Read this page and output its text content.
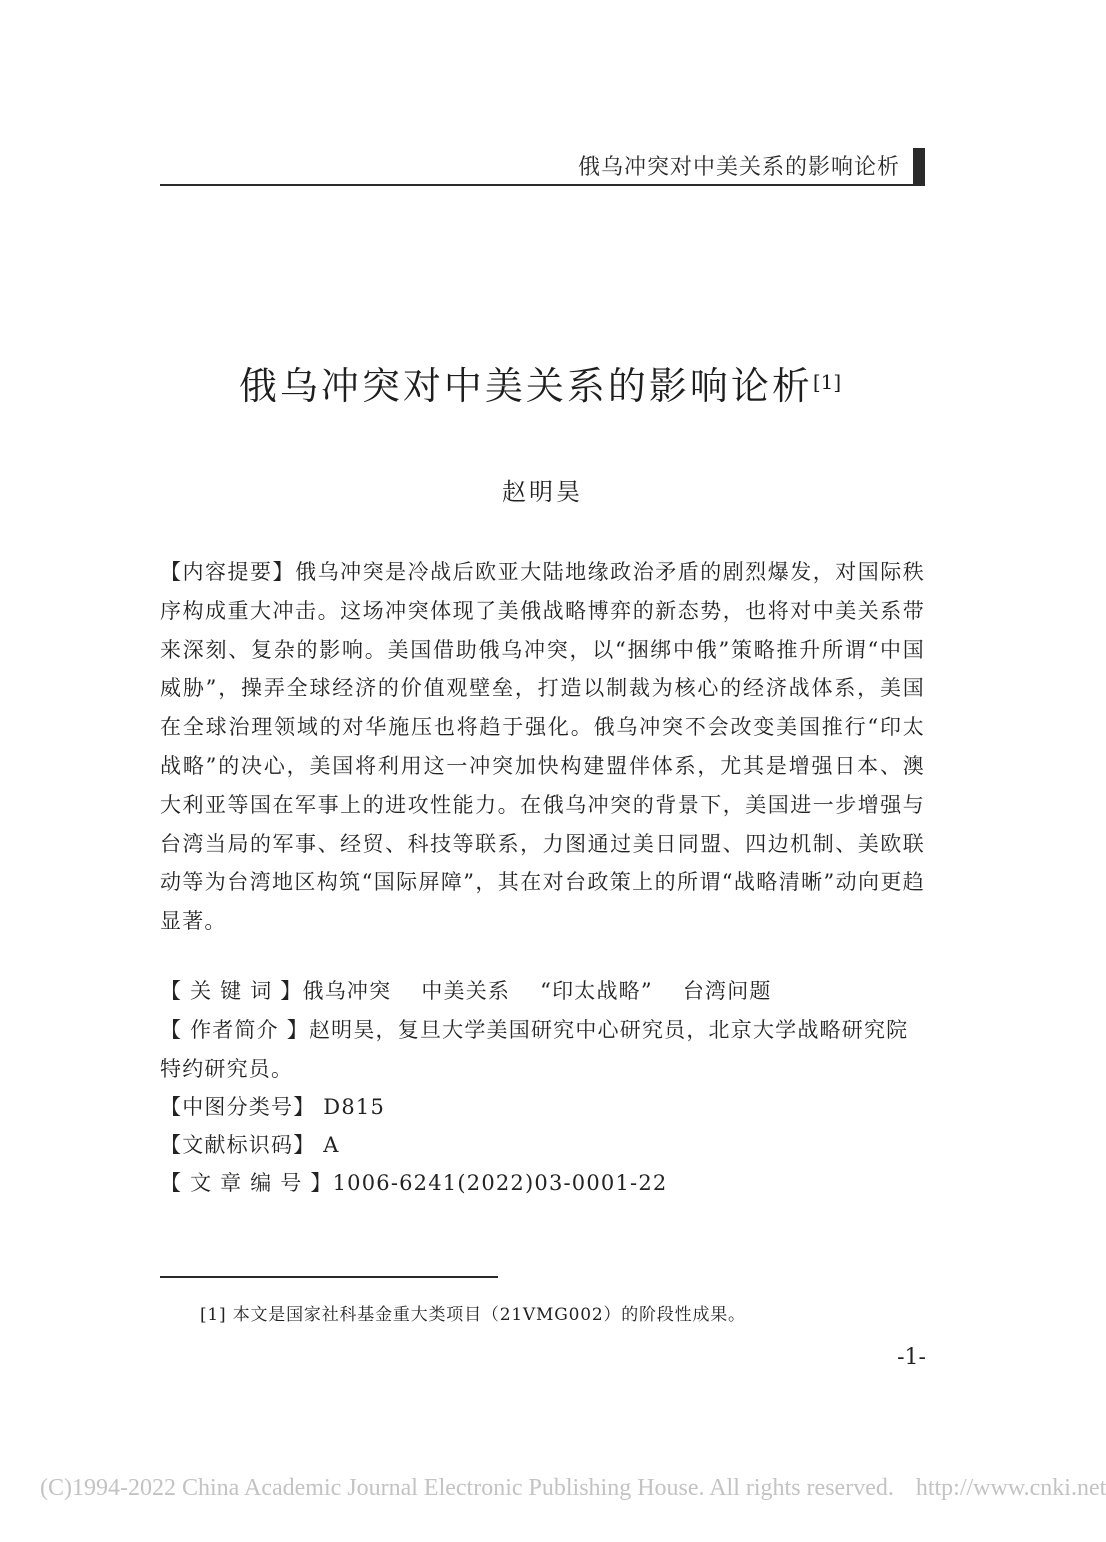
俄乌冲突对中美关系的影响论析
俄乌冲突对中美关系的影响论析[1]
赵明昊
【内容提要】俄乌冲突是冷战后欧亚大陆地缘政治矛盾的剧烈爆发，对国际秩序构成重大冲击。这场冲突体现了美俄战略博弈的新态势，也将对中美关系带来深刻、复杂的影响。美国借助俄乌冲突，以“捆绑中俄”策略推升所谓“中国威胁”，操弄全球经济的价值观壁垒，打造以制裁为核心的经济战体系，美国在全球治理领域的对华施压也将趋于强化。俄乌冲突不会改变美国推行“印太战略”的决心，美国将利用这一冲突加快构建盟伴体系，尤其是增强日本、澳大利亚等国在军事上的进攻性能力。在俄乌冲突的背景下，美国进一步增强与台湾当局的军事、经贸、科技等联系，力图通过美日同盟、四边机制、美欧联动等为台湾地区构筑“国际屏障”，其在对台政策上的所谓“战略清晰”动向更趋显著。
【 关 键 词 】俄乌冲突 中美关系 “印太战略” 台湾问题
【 作者简介 】赵明昊，复旦大学美国研究中心研究员，北京大学战略研究院特约研究员。
【中图分类号】 D815
【文献标识码】 A
【 文 章 编 号 】1006-6241(2022)03-0001-22
[1] 本文是国家社科基金重大类项目（21VMG002）的阶段性成果。
-1-
(C)1994-2022 China Academic Journal Electronic Publishing House. All rights reserved. http://www.cnki.net
